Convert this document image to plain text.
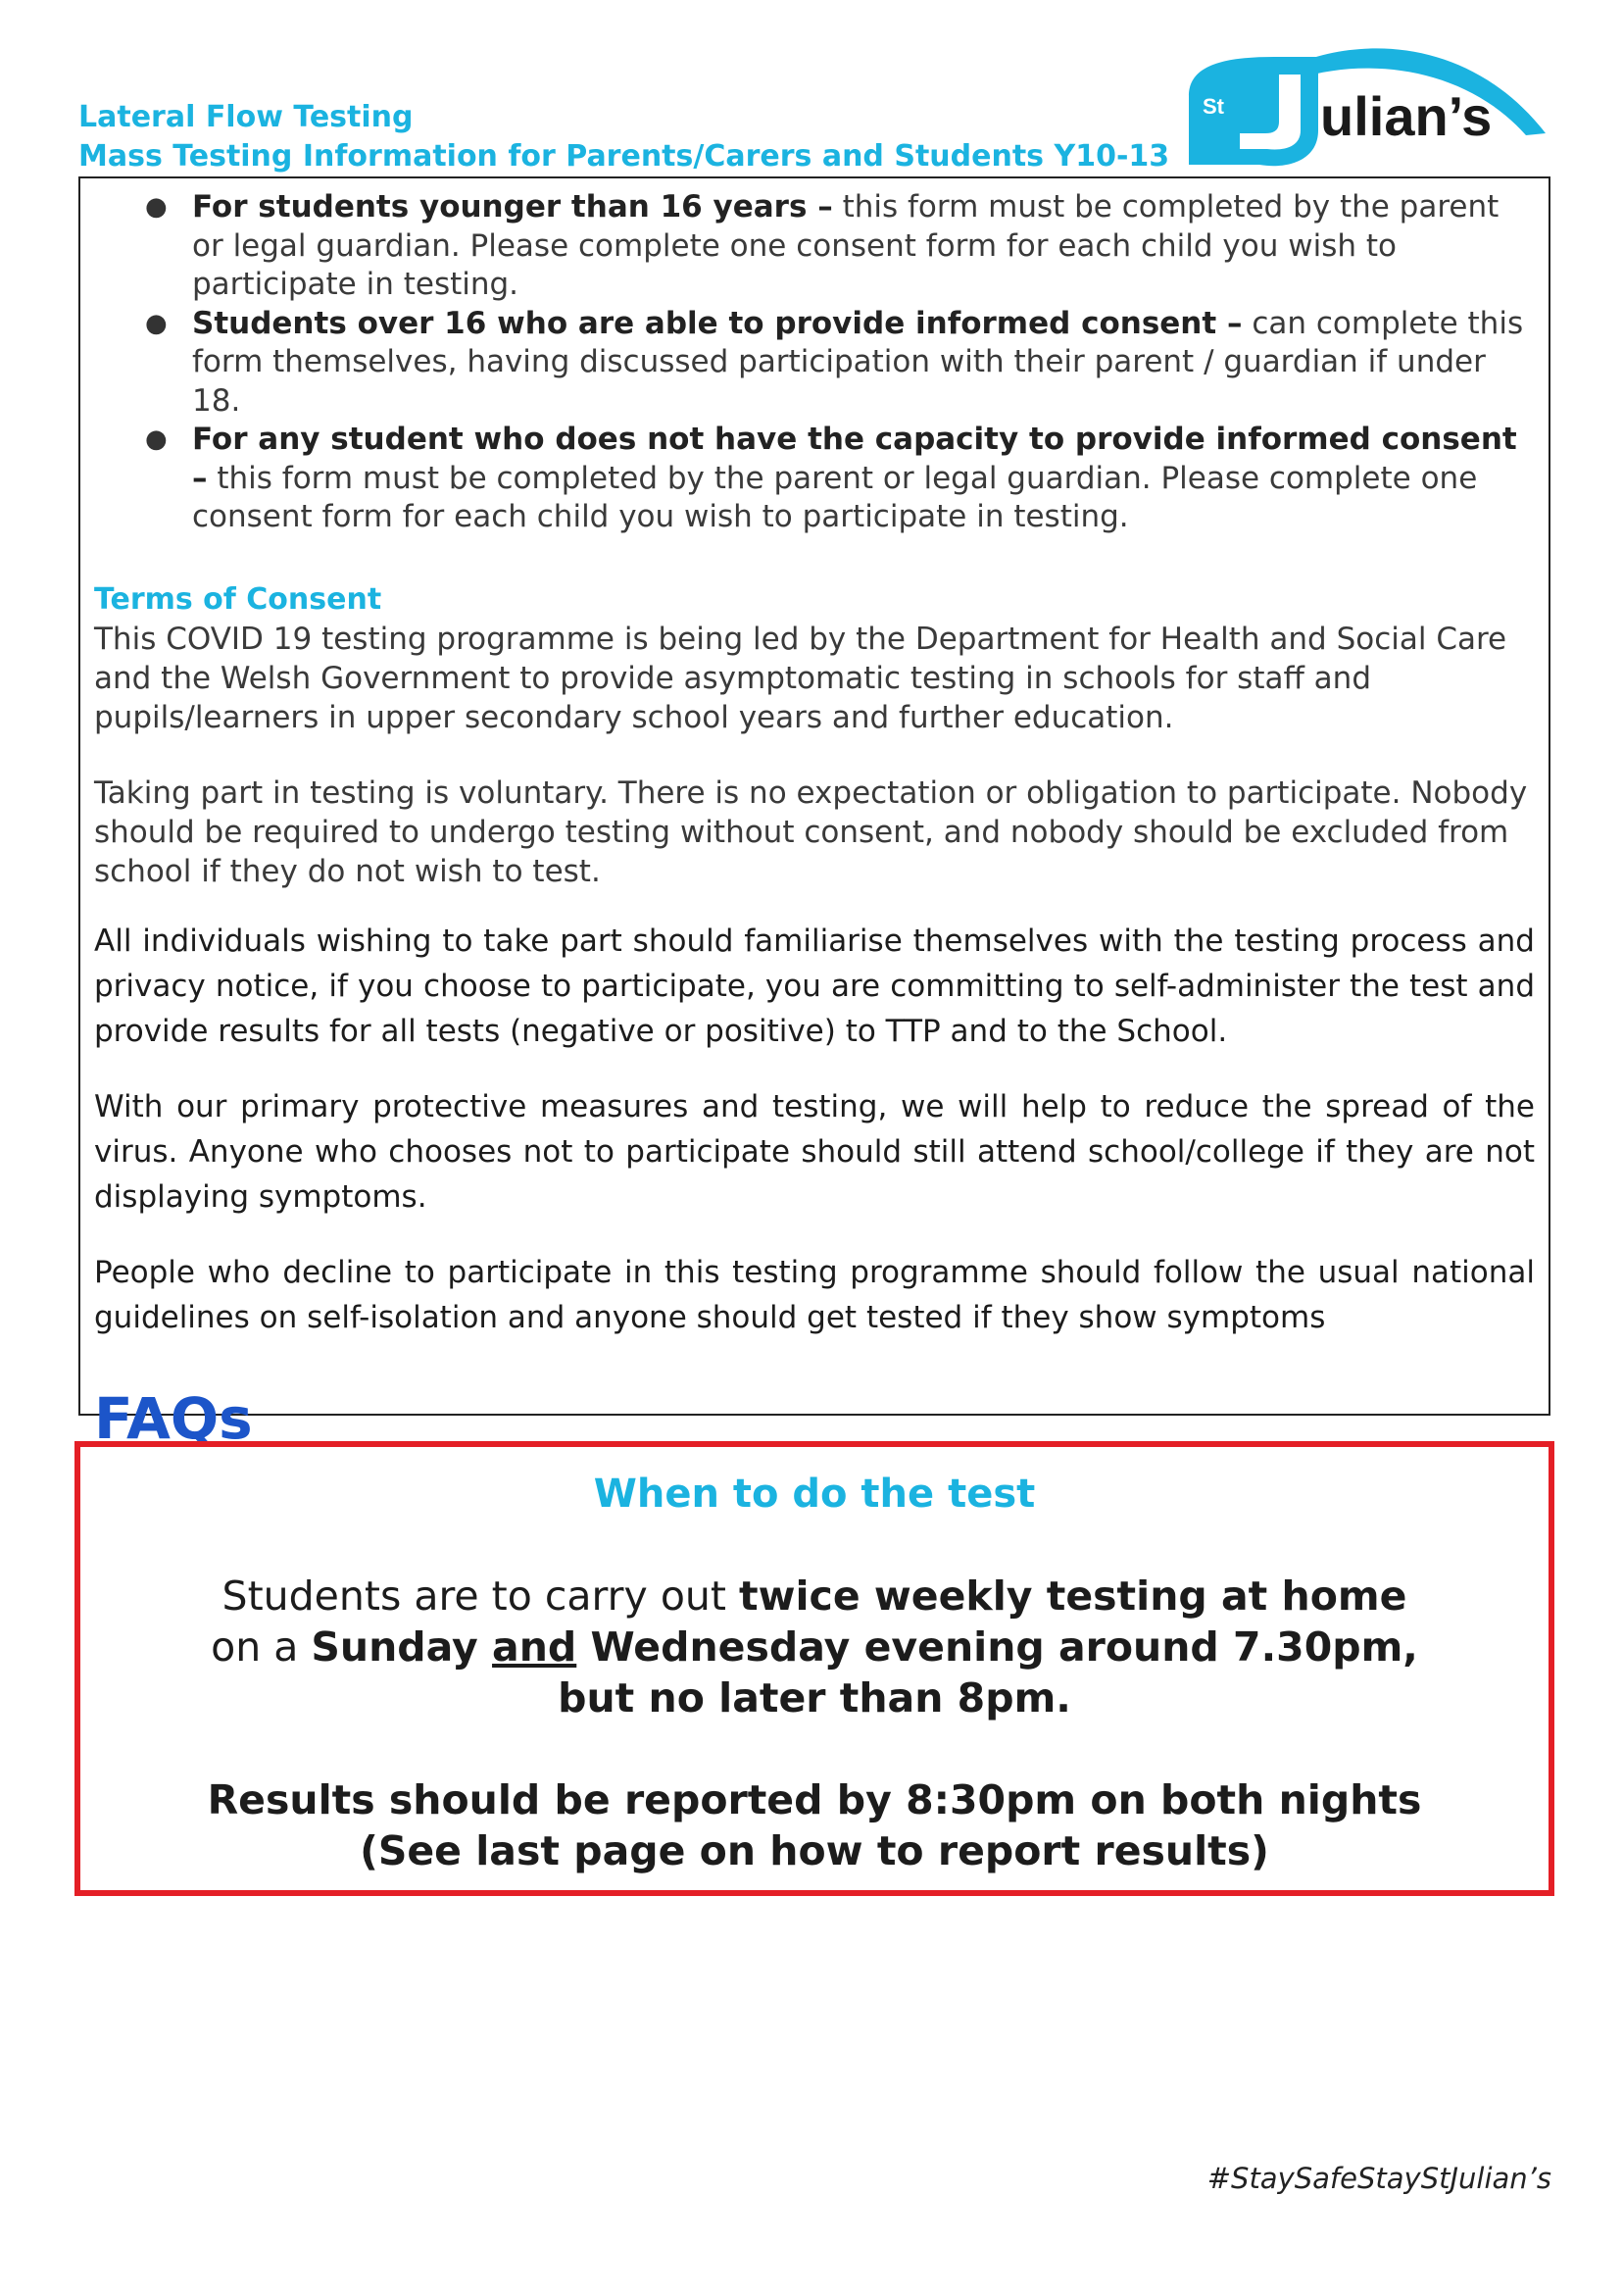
Lateral Flow Testing
Mass Testing Information for Parents/Carers and Students Y10-13
St ulian’s
● For students younger than 16 years – this form must be completed by the parent or legal guardian. Please complete one consent form for each child you wish to participate in testing.
● Students over 16 who are able to provide informed consent – can complete this form themselves, having discussed participation with their parent / guardian if under 18.
● For any student who does not have the capacity to provide informed consent – this form must be completed by the parent or legal guardian. Please complete one consent form for each child you wish to participate in testing.
Terms of Consent

This COVID 19 testing programme is being led by the Department for Health and Social Care and the Welsh Government to provide asymptomatic testing in schools for staff and pupils/learners in upper secondary school years and further education.

Taking part in testing is voluntary. There is no expectation or obligation to participate. Nobody should be required to undergo testing without consent, and nobody should be excluded from school if they do not wish to test.

All individuals wishing to take part should familiarise themselves with the testing process and privacy notice, if you choose to participate, you are committing to self-administer the test and provide results for all tests (negative or positive) to TTP and to the School.

With our primary protective measures and testing, we will help to reduce the spread of the virus. Anyone who chooses not to participate should still attend school/college if they are not displaying symptoms.

People who decline to participate in this testing programme should follow the usual national guidelines on self-isolation and anyone should get tested if they show symptoms

FAQs
When to do the test
Students are to carry out twice weekly testing at home
on a Sunday and Wednesday evening around 7.30pm,
but no later than 8pm.
Results should be reported by 8:30pm on both nights
(See last page on how to report results)
#StaySafeStayStJulian’s
